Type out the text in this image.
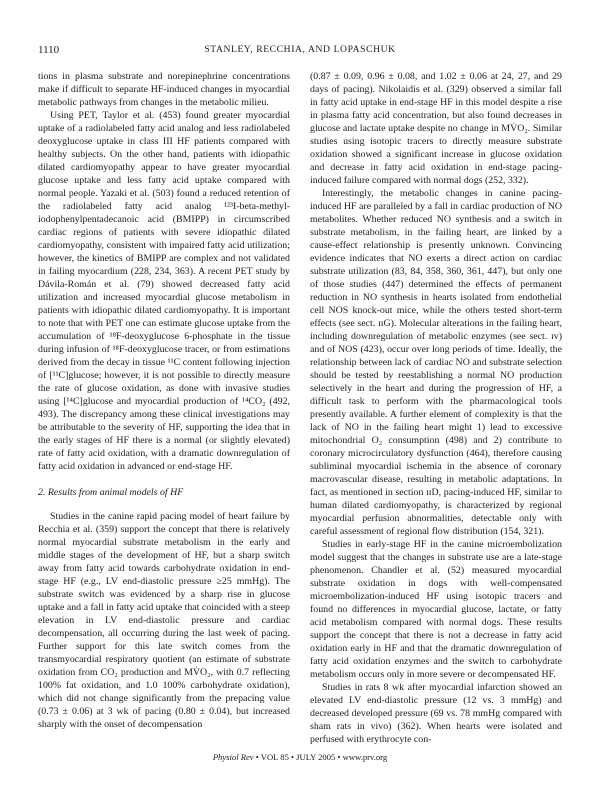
1110	STANLEY, RECCHIA, AND LOPASCHUK

tions in plasma substrate and norepinephrine concentrations make if difficult to separate HF-induced changes in myocardial metabolic pathways from changes in the metabolic milieu.

Using PET, Taylor et al. (453) found greater myocardial uptake of a radiolabeled fatty acid analog and less radiolabeled deoxyglucose uptake in class III HF patients compared with healthy subjects. On the other hand, patients with idiopathic dilated cardiomyopathy appear to have greater myocardial glucose uptake and less fatty acid uptake compared with normal people. Yazaki et al. (503) found a reduced retention of the radiolabeled fatty acid analog ¹²³I-beta-methyl-iodophenylpentadecanoic acid (BMIPP) in circumscribed cardiac regions of patients with severe idiopathic dilated cardiomyopathy, consistent with impaired fatty acid utilization; however, the kinetics of BMIPP are complex and not validated in failing myocardium (228, 234, 363). A recent PET study by Dávila-Román et al. (79) showed decreased fatty acid utilization and increased myocardial glucose metabolism in patients with idiopathic dilated cardiomyopathy. It is important to note that with PET one can estimate glucose uptake from the accumulation of ¹⁸F-deoxyglucose 6-phosphate in the tissue during infusion of ¹⁸F-deoxyglucose tracer, or from estimations derived from the decay in tissue ¹¹C content following injection of [¹¹C]glucose; however, it is not possible to directly measure the rate of glucose oxidation, as done with invasive studies using [¹⁴C]glucose and myocardial production of ¹⁴CO₂ (492, 493). The discrepancy among these clinical investigations may be attributable to the severity of HF, supporting the idea that in the early stages of HF there is a normal (or slightly elevated) rate of fatty acid oxidation, with a dramatic downregulation of fatty acid oxidation in advanced or end-stage HF.

2. Results from animal models of HF

Studies in the canine rapid pacing model of heart failure by Recchia et al. (359) support the concept that there is relatively normal myocardial substrate metabolism in the early and middle stages of the development of HF, but a sharp switch away from fatty acid towards carbohydrate oxidation in end-stage HF (e.g., LV end-diastolic pressure ≥25 mmHg). The substrate switch was evidenced by a sharp rise in glucose uptake and a fall in fatty acid uptake that coincided with a steep elevation in LV end-diastolic pressure and cardiac decompensation, all occurring during the last week of pacing. Further support for this late switch comes from the transmyocardial respiratory quotient (an estimate of substrate oxidation from CO₂ production and MV̇O₂, with 0.7 reflecting 100% fat oxidation, and 1.0 100% carbohydrate oxidation), which did not change significantly from the prepacing value (0.73 ± 0.06) at 3 wk of pacing (0.80 ± 0.04), but increased sharply with the onset of decompensation

(0.87 ± 0.09, 0.96 ± 0.08, and 1.02 ± 0.06 at 24, 27, and 29 days of pacing). Nikolaidis et al. (329) observed a similar fall in fatty acid uptake in end-stage HF in this model despite a rise in plasma fatty acid concentration, but also found decreases in glucose and lactate uptake despite no change in MV̇O₂. Similar studies using isotopic tracers to directly measure substrate oxidation showed a significant increase in glucose oxidation and decrease in fatty acid oxidation in end-stage pacing-induced failure compared with normal dogs (252, 332).

Interestingly, the metabolic changes in canine pacing-induced HF are paralleled by a fall in cardiac production of NO metabolites. Whether reduced NO synthesis and a switch in substrate metabolism, in the failing heart, are linked by a cause-effect relationship is presently unknown. Convincing evidence indicates that NO exerts a direct action on cardiac substrate utilization (83, 84, 358, 360, 361, 447), but only one of those studies (447) determined the effects of permanent reduction in NO synthesis in hearts isolated from endothelial cell NOS knock-out mice, while the others tested short-term effects (see sect. ɪɪG). Molecular alterations in the failing heart, including downregulation of metabolic enzymes (see sect. ɪᴠ) and of NOS (423), occur over long periods of time. Ideally, the relationship between lack of cardiac NO and substrate selection should be tested by reestablishing a normal NO production selectively in the heart and during the progression of HF, a difficult task to perform with the pharmacological tools presently available. A further element of complexity is that the lack of NO in the failing heart might 1) lead to excessive mitochondrial O₂ consumption (498) and 2) contribute to coronary microcirculatory dysfunction (464), therefore causing subliminal myocardial ischemia in the absence of coronary macrovascular disease, resulting in metabolic adaptations. In fact, as mentioned in section ɪɪD, pacing-induced HF, similar to human dilated cardiomyopathy, is characterized by regional myocardial perfusion abnormalities, detectable only with careful assessment of regional flow distribution (154, 321).

Studies in early-stage HF in the canine microembolization model suggest that the changes in substrate use are a late-stage phenomenon. Chandler et al. (52) measured myocardial substrate oxidation in dogs with well-compensated microembolization-induced HF using isotopic tracers and found no differences in myocardial glucose, lactate, or fatty acid metabolism compared with normal dogs. These results support the concept that there is not a decrease in fatty acid oxidation early in HF and that the dramatic downregulation of fatty acid oxidation enzymes and the switch to carbohydrate metabolism occurs only in more severe or decompensated HF.

Studies in rats 8 wk after myocardial infarction showed an elevated LV end-diastolic pressure (12 vs. 3 mmHg) and decreased developed pressure (69 vs. 78 mmHg compared with sham rats in vivo) (362). When hearts were isolated and perfused with erythrocyte con-

Physiol Rev • VOL 85 • JULY 2005 • www.prv.org
